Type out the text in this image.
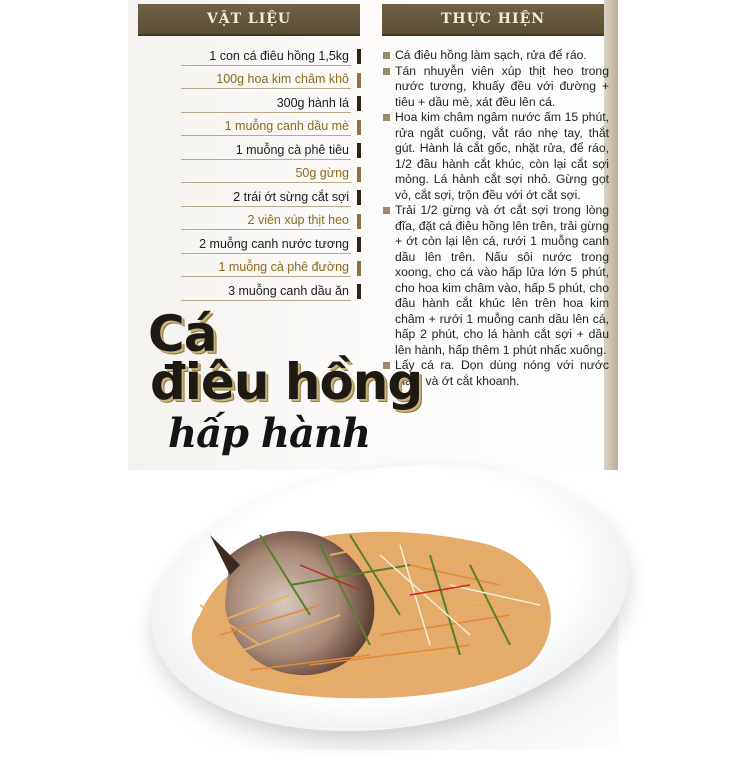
VẬT LIỆU	THỰC HIỆN
1 con cá điêu hồng 1,5kg
100g hoa kim châm khô
300g hành lá
1 muỗng canh dầu mè
1 muỗng cà phê tiêu
50g gừng
2 trái ớt sừng cắt sợi
2 viên xúp thịt heo
2 muỗng canh nước tương
1 muỗng cà phê đường
3 muỗng canh dầu ăn

Cá điêu hồng làm sạch, rửa để ráo.

Tán nhuyễn viên xúp thịt heo trong nước tương, khuấy đều với đường + tiêu + dầu mè, xát đều lên cá.

Hoa kim châm ngâm nước ấm 15 phút, rửa ngắt cuống, vắt ráo nhẹ tay, thắt gút. Hành lá cắt gốc, nhặt rửa, để ráo, 1/2 đầu hành cắt khúc, còn lại cắt sợi mỏng. Lá hành cắt sợi nhỏ. Gừng gọt vỏ, cắt sợi, trộn đều với ớt cắt sợi.

Trải 1/2 gừng và ớt cắt sợi trong lòng đĩa, đặt cá điêu hồng lên trên, trải gừng + ớt còn lại lên cá, rưới 1 muỗng canh dầu lên trên. Nấu sôi nước trong xoong, cho cá vào hấp lửa lớn 5 phút, cho hoa kim châm vào, hấp 5 phút, cho đầu hành cắt khúc lên trên hoa kim châm + rưới 1 muỗng canh dầu lên cá, hấp 2 phút, cho lá hành cắt sợi + dầu lên hành, hấp thêm 1 phút nhấc xuống.

Lấy cá ra. Dọn dùng nóng với nước mắm và ớt cắt khoanh.

Cá
điêu hồng
hấp hành
